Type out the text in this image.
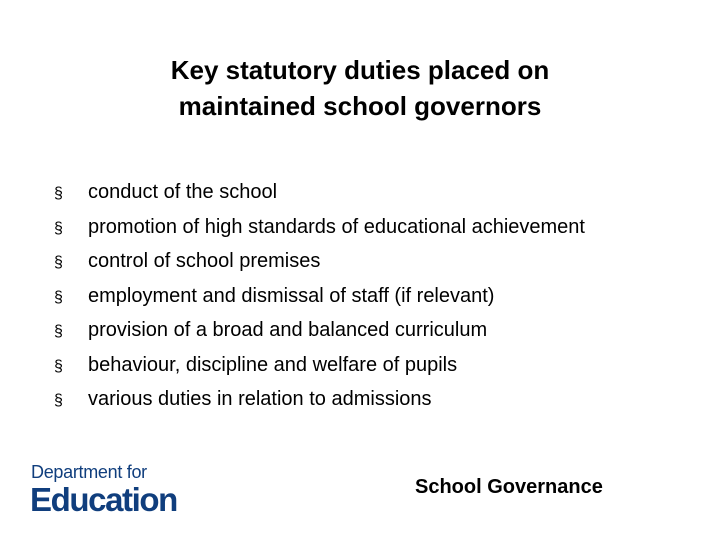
Key statutory duties placed on
maintained school governors
§	conduct of the school
§	promotion of high standards of educational achievement
§	control of school premises
§	employment and dismissal of staff (if relevant)
§	provision of a broad and balanced curriculum
§	behaviour, discipline and welfare of pupils
§	various duties in relation to admissions
Department for
Education	School Governance
